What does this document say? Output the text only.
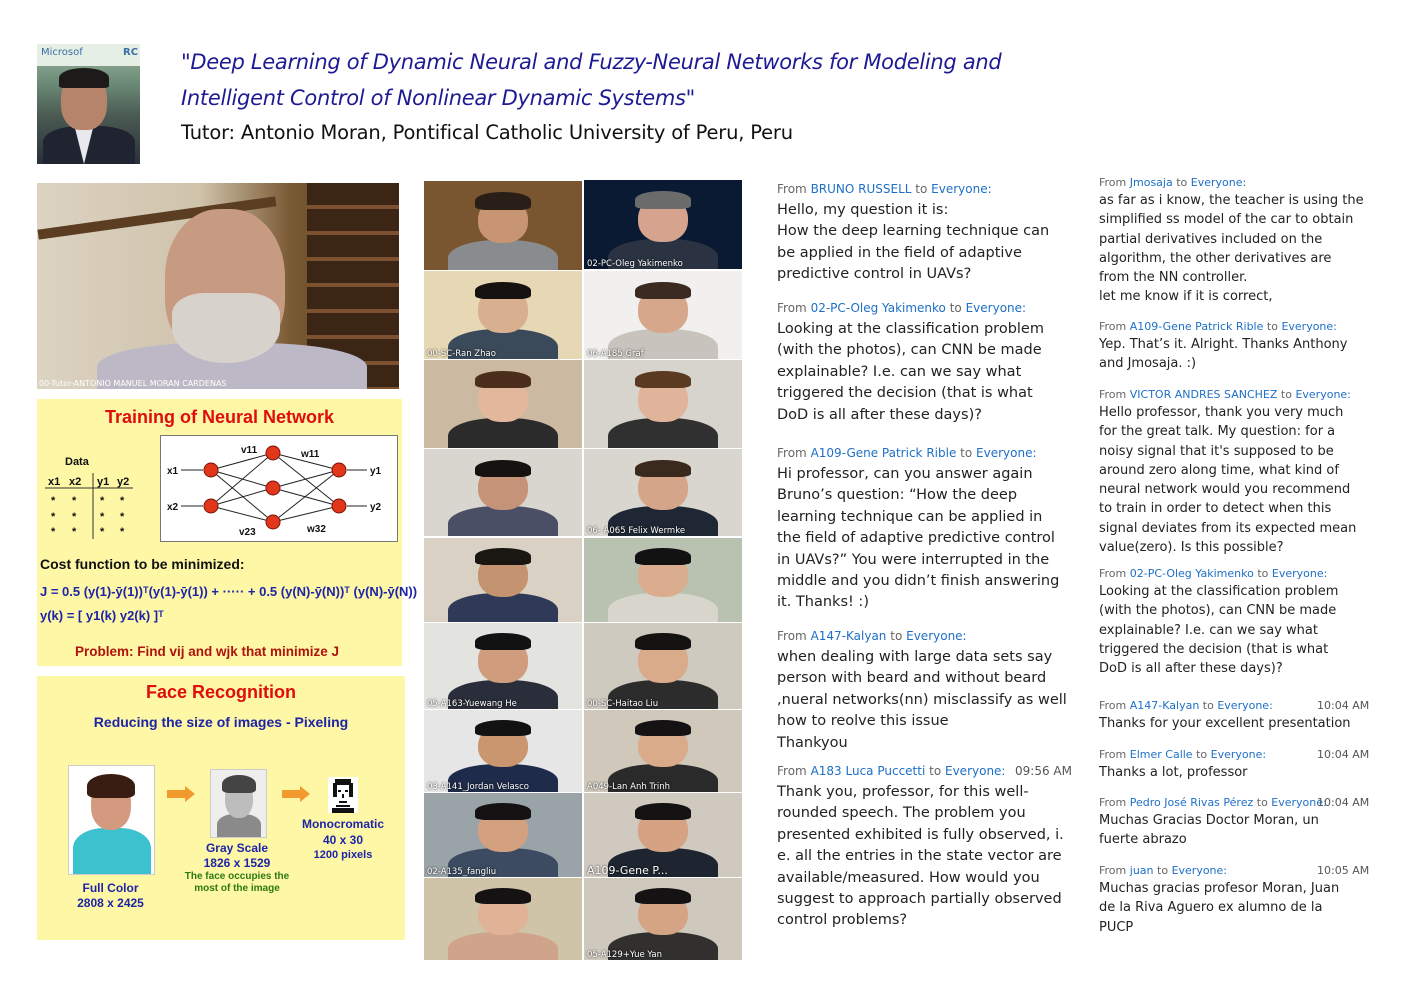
Microsof	RC "Deep Learning of Dynamic Neural and Fuzzy-Neural Networks for Modeling and
Intelligent Control of Nonlinear Dynamic Systems"
Tutor: Antonio Moran, Pontifical Catholic University of Peru, Peru
00-Tutor-ANTONIO MANUEL MORAN CARDENAS
Training of Neural Network
Data
x1 x2 y1 y2
* * * *
* * * *
* * * *
x1
x2
y1
y2
v11	w11
v23	w32
Cost function to be minimized:
J = 0.5 (y(1)-ȳ(1))ᵀ(y(1)-ȳ(1)) + ····· + 0.5 (y(N)-ȳ(N))ᵀ (y(N)-ȳ(N))
y(k) = [ y1(k) y2(k) ]ᵀ
Problem: Find vij and wjk that minimize J
Face Recognition
Reducing the size of images - Pixeling
Full Color
2808 x 2425
Gray Scale
1826 x 1529
The face occupies the
most of the image
Monocromatic
40 x 30
1200 pixels
02-PC-Oleg Yakimenko
00-SC-Ran Zhao	06-A185 Graf
06- A065 Felix Wermke
05-A163-Yuewang He	00-SC-Haitao Liu
03-A141_Jordan Velasco	A049-Lan Anh Trinh
02-A135_fangliu	A109-Gene P...
05-A129+Yue Yan
From BRUNO RUSSELL to Everyone:
Hello, my question it is:
How the deep learning technique can
be applied in the field of adaptive
predictive control in UAVs?
From 02-PC-Oleg Yakimenko to Everyone:
Looking at the classification problem
(with the photos), can CNN be made
explainable? I.e. can we say what
triggered the decision (that is what
DoD is all after these days)?
From A109-Gene Patrick Rible to Everyone:
Hi professor, can you answer again
Bruno’s question: “How the deep
learning technique can be applied in
the field of adaptive predictive control
in UAVs?” You were interrupted in the
middle and you didn’t finish answering
it. Thanks! :)
From A147-Kalyan to Everyone:
when dealing with large data sets say
person with beard and without beard
,nueral networks(nn) misclassify as well
how to reolve this issue
Thankyou
From A183 Luca Puccetti to Everyone: 09:56 AM
Thank you, professor, for this well-
rounded speech. The problem you
presented exhibited is fully observed, i.
e. all the entries in the state vector are
available/measured. How would you
suggest to approach partially observed
control problems?
From Jmosaja to Everyone:
as far as i know, the teacher is using the
simplified ss model of the car to obtain
partial derivatives included on the
algorithm, the other derivatives are
from the NN controller.
let me know if it is correct,
From A109-Gene Patrick Rible to Everyone:
Yep. That’s it. Alright. Thanks Anthony
and Jmosaja. :)
From VICTOR ANDRES SANCHEZ to Everyone:
Hello professor, thank you very much
for the great talk. My question: for a
noisy signal that it's supposed to be
around zero along time, what kind of
neural network would you recommend
to train in order to detect when this
signal deviates from its expected mean
value(zero). Is this possible?
From 02-PC-Oleg Yakimenko to Everyone:
Looking at the classification problem
(with the photos), can CNN be made
explainable? I.e. can we say what
triggered the decision (that is what
DoD is all after these days)?
From A147-Kalyan to Everyone:	10:04 AM
Thanks for your excellent presentation
From Elmer Calle to Everyone:	10:04 AM
Thanks a lot, professor
From Pedro José Rivas Pérez to Everyone:
10:04 AM
Muchas Gracias Doctor Moran, un
fuerte abrazo
From juan to Everyone:	10:05 AM
Muchas gracias profesor Moran, Juan
de la Riva Aguero ex alumno de la
PUCP
